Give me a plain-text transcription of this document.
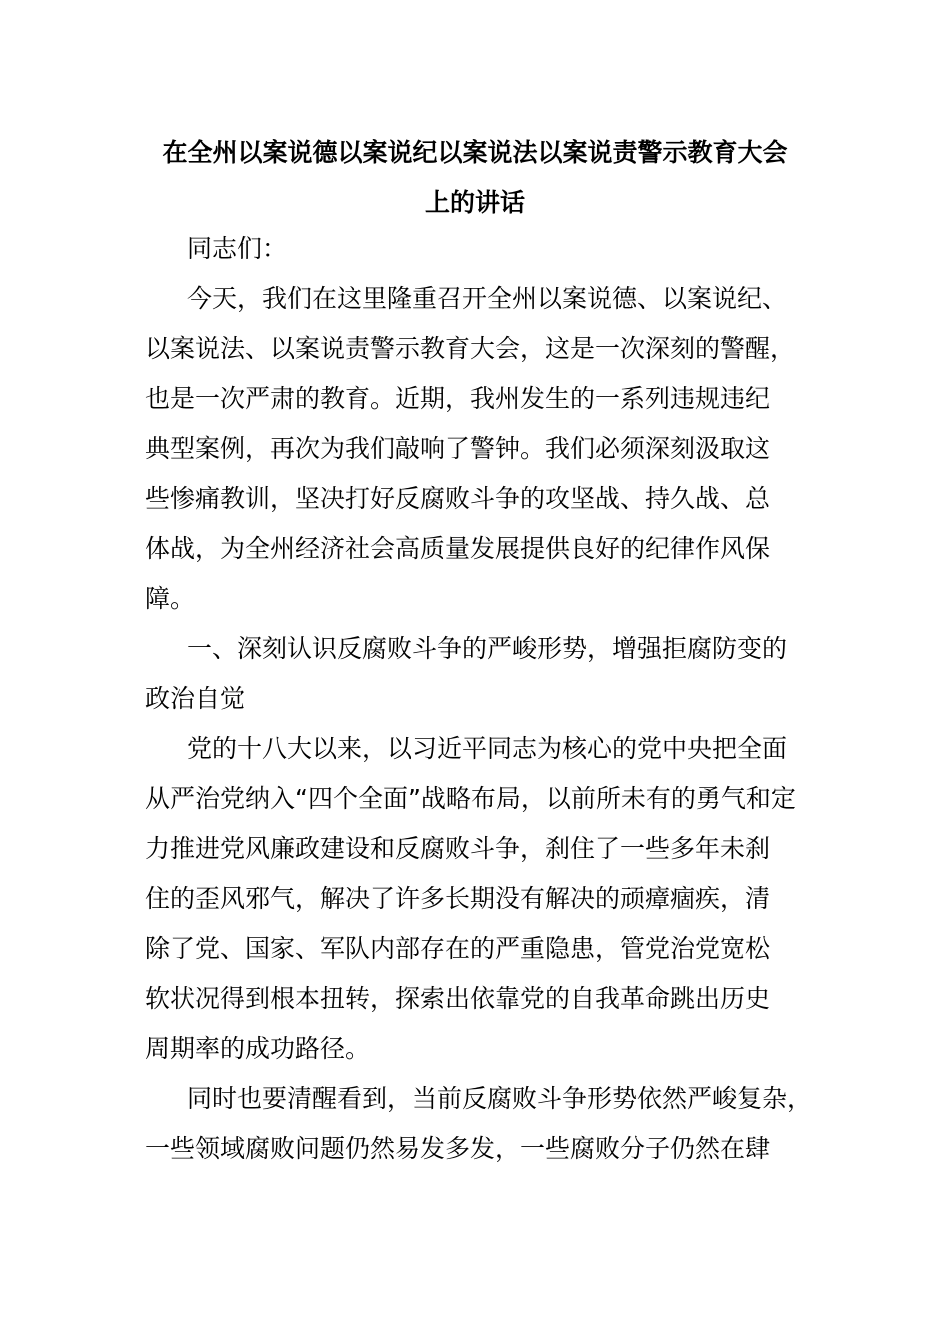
在全州以案说德以案说纪以案说法以案说责警示教育大会
上的讲话
同志们：
今天，我们在这里隆重召开全州以案说德、以案说纪、
以案说法、以案说责警示教育大会，这是一次深刻的警醒，
也是一次严肃的教育。近期，我州发生的一系列违规违纪
典型案例，再次为我们敲响了警钟。我们必须深刻汲取这
些惨痛教训，坚决打好反腐败斗争的攻坚战、持久战、总
体战，为全州经济社会高质量发展提供良好的纪律作风保
障。
一、深刻认识反腐败斗争的严峻形势，增强拒腐防变的
政治自觉
党的十八大以来，以习近平同志为核心的党中央把全面
从严治党纳入“四个全面”战略布局，以前所未有的勇气和定
力推进党风廉政建设和反腐败斗争，刹住了一些多年未刹
住的歪风邪气，解决了许多长期没有解决的顽瘴痼疾，清
除了党、国家、军队内部存在的严重隐患，管党治党宽松
软状况得到根本扭转，探索出依靠党的自我革命跳出历史
周期率的成功路径。
同时也要清醒看到，当前反腐败斗争形势依然严峻复杂，
一些领域腐败问题仍然易发多发，一些腐败分子仍然在肆
